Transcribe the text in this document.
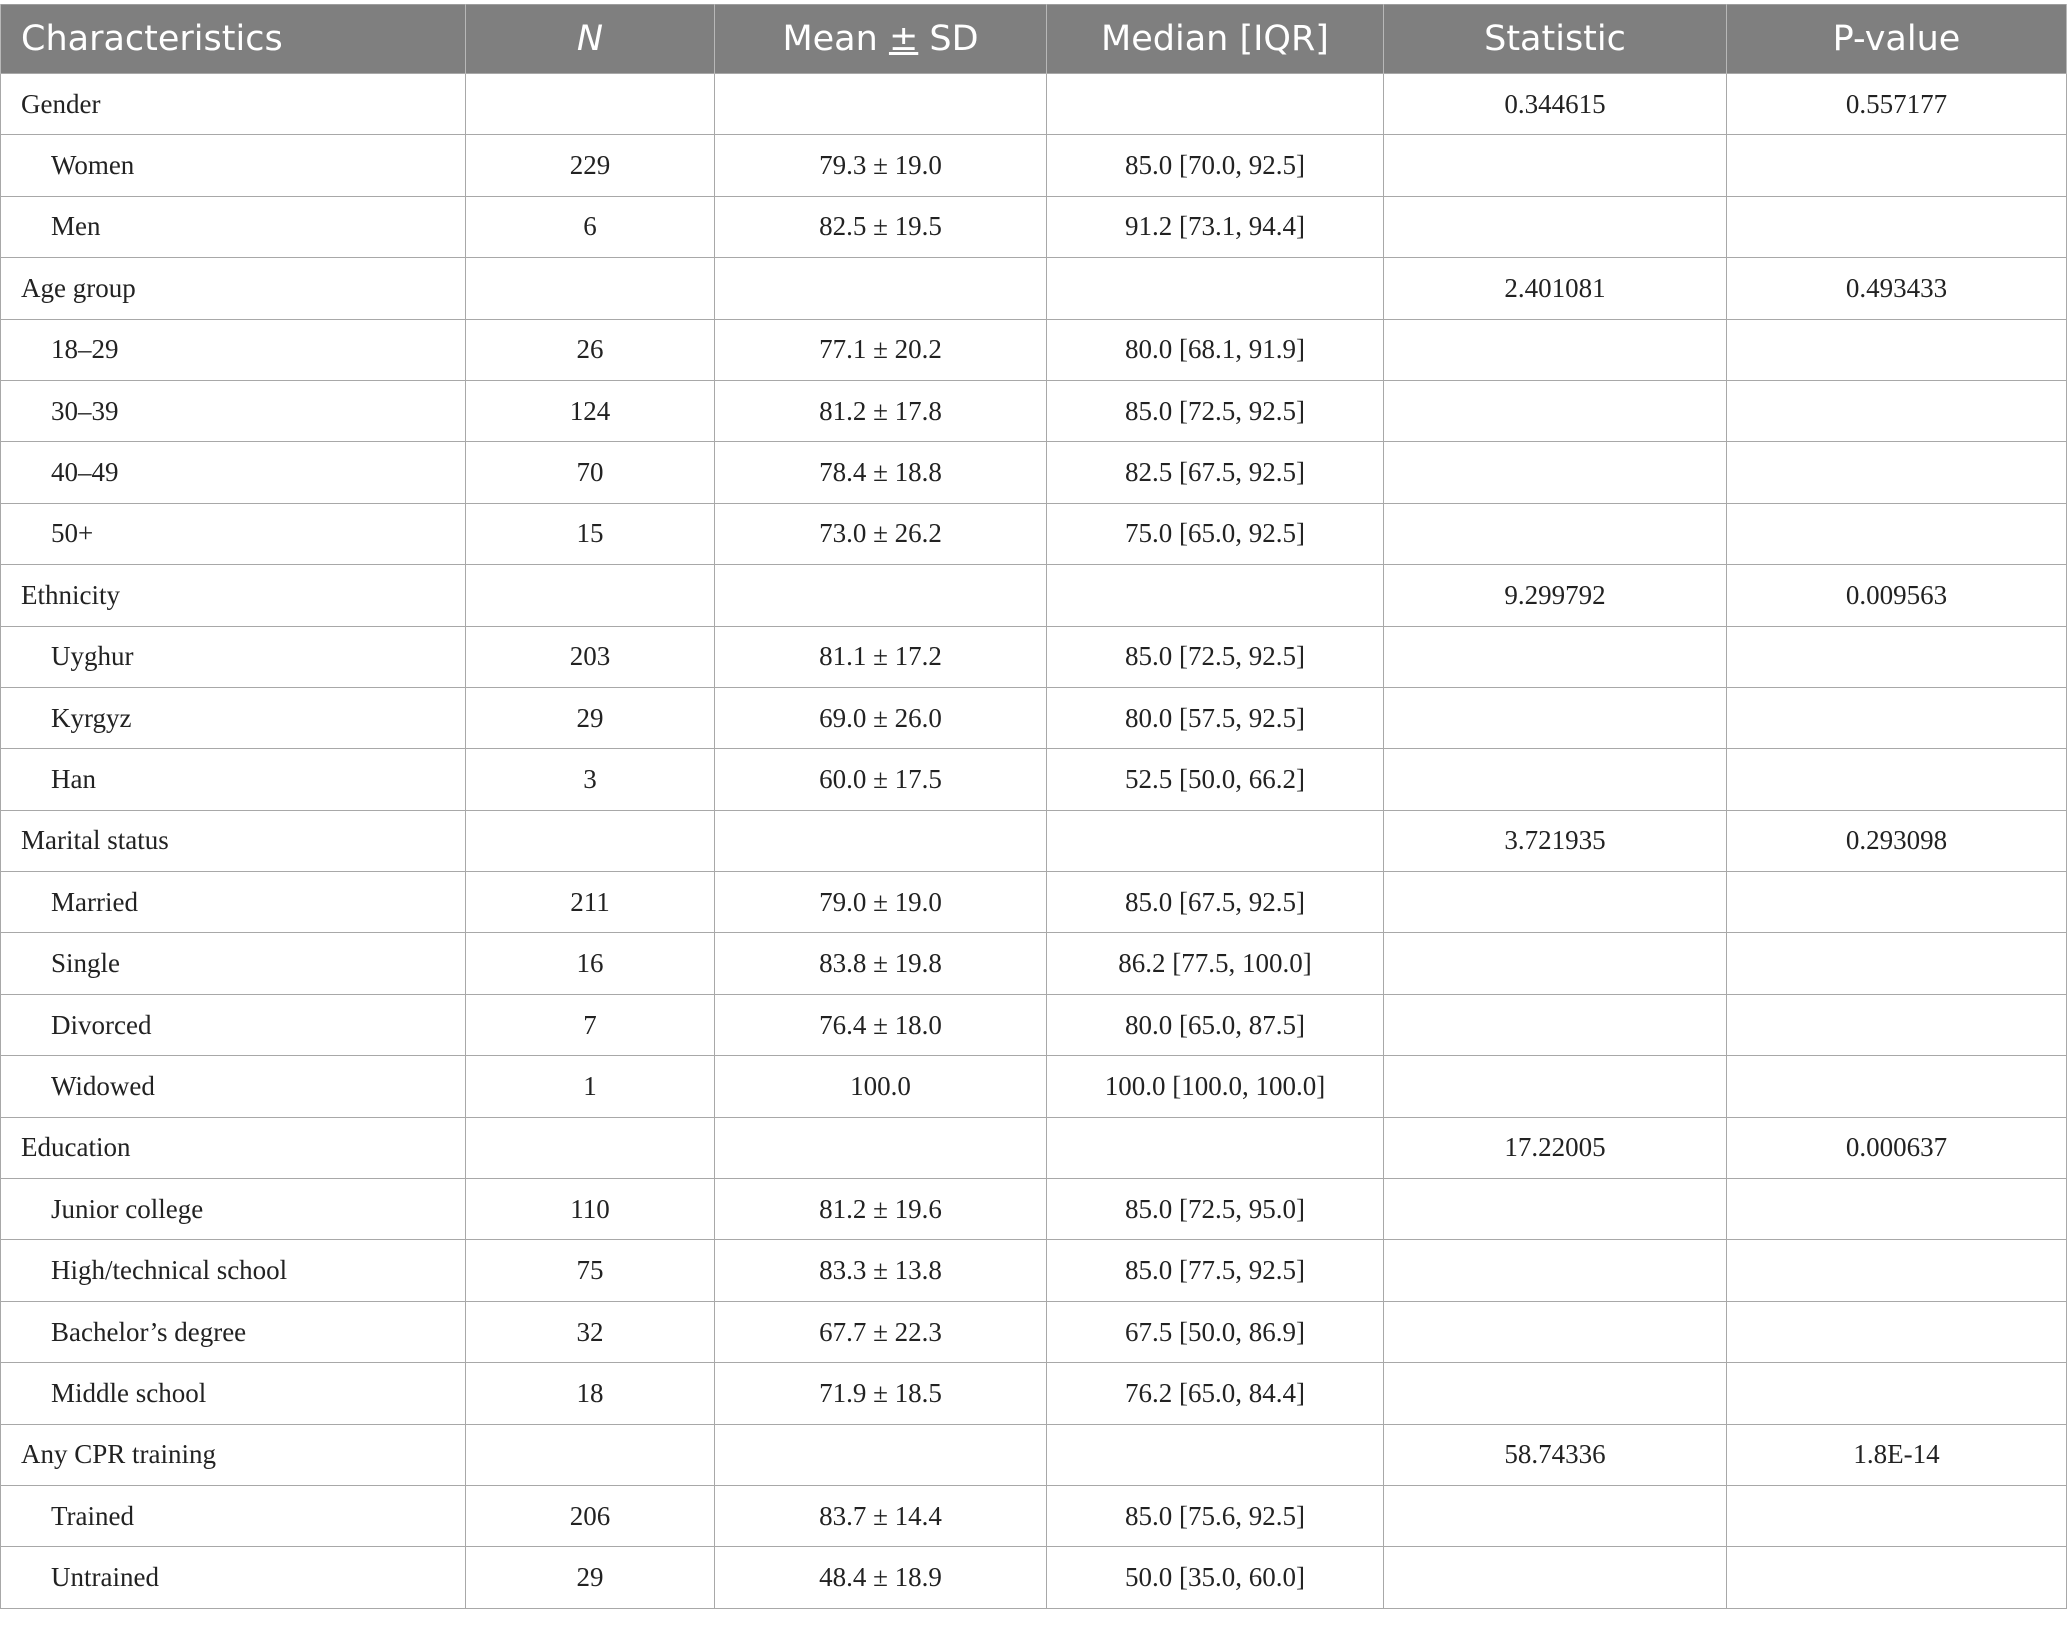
Characteristics	N	Mean ± SD	Median [IQR]	Statistic	P-value
Gender				0.344615	0.557177
Women	229	79.3 ± 19.0	85.0 [70.0, 92.5]		
Men	6	82.5 ± 19.5	91.2 [73.1, 94.4]		
Age group				2.401081	0.493433
18–29	26	77.1 ± 20.2	80.0 [68.1, 91.9]		
30–39	124	81.2 ± 17.8	85.0 [72.5, 92.5]		
40–49	70	78.4 ± 18.8	82.5 [67.5, 92.5]		
50+	15	73.0 ± 26.2	75.0 [65.0, 92.5]		
Ethnicity				9.299792	0.009563
Uyghur	203	81.1 ± 17.2	85.0 [72.5, 92.5]		
Kyrgyz	29	69.0 ± 26.0	80.0 [57.5, 92.5]		
Han	3	60.0 ± 17.5	52.5 [50.0, 66.2]		
Marital status				3.721935	0.293098
Married	211	79.0 ± 19.0	85.0 [67.5, 92.5]		
Single	16	83.8 ± 19.8	86.2 [77.5, 100.0]		
Divorced	7	76.4 ± 18.0	80.0 [65.0, 87.5]		
Widowed	1	100.0	100.0 [100.0, 100.0]		
Education				17.22005	0.000637
Junior college	110	81.2 ± 19.6	85.0 [72.5, 95.0]		
High/technical school	75	83.3 ± 13.8	85.0 [77.5, 92.5]		
Bachelor’s degree	32	67.7 ± 22.3	67.5 [50.0, 86.9]		
Middle school	18	71.9 ± 18.5	76.2 [65.0, 84.4]		
Any CPR training				58.74336	1.8E-14
Trained	206	83.7 ± 14.4	85.0 [75.6, 92.5]		
Untrained	29	48.4 ± 18.9	50.0 [35.0, 60.0]		
